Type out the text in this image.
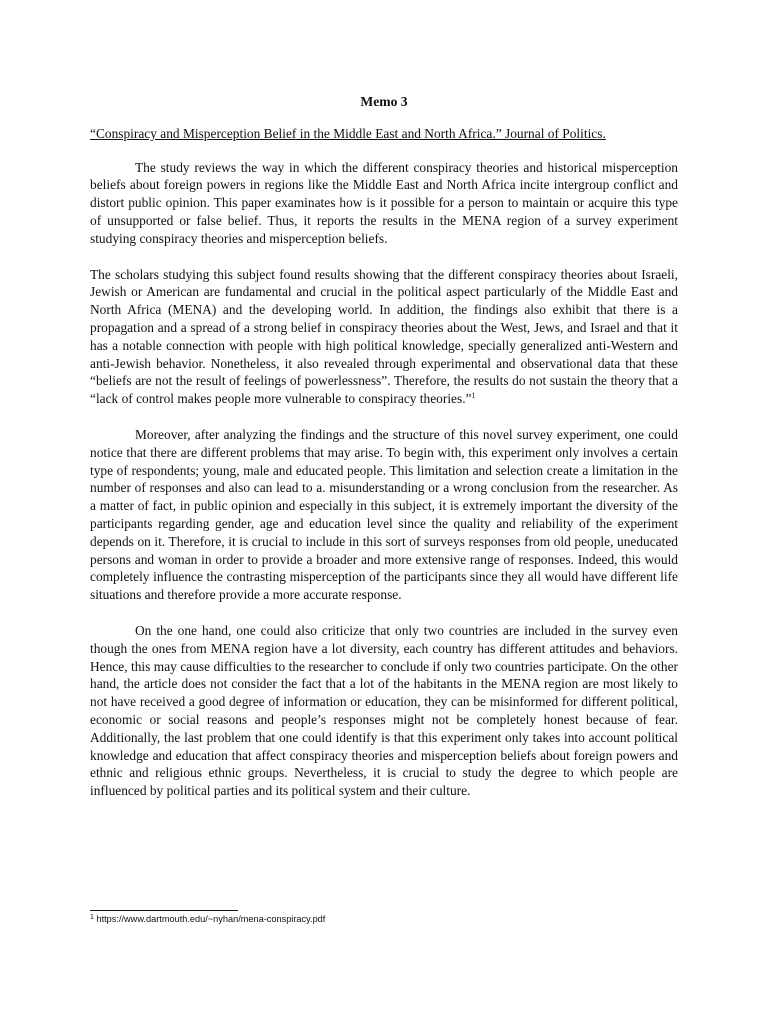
Memo 3
“Conspiracy and Misperception Belief in the Middle East and North Africa.” Journal of Politics.

The study reviews the way in which the different conspiracy theories and historical misperception beliefs about foreign powers in regions like the Middle East and North Africa incite intergroup conflict and distort public opinion. This paper examinates how is it possible for a person to maintain or acquire this type of unsupported or false belief. Thus, it reports the results in the MENA region of a survey experiment studying conspiracy theories and misperception beliefs.

The scholars studying this subject found results showing that the different conspiracy theories about Israeli, Jewish or American are fundamental and crucial in the political aspect particularly of the Middle East and North Africa (MENA) and the developing world. In addition, the findings also exhibit that there is a propagation and a spread of a strong belief in conspiracy theories about the West, Jews, and Israel and that it has a notable connection with people with high political knowledge, specially generalized anti-Western and anti-Jewish behavior. Nonetheless, it also revealed through experimental and observational data that these “beliefs are not the result of feelings of powerlessness”. Therefore, the results do not sustain the theory that a “lack of control makes people more vulnerable to conspiracy theories.”$^1$

Moreover, after analyzing the findings and the structure of this novel survey experiment, one could notice that there are different problems that may arise. To begin with, this experiment only involves a certain type of respondents; young, male and educated people. This limitation and selection create a limitation in the number of responses and also can lead to a. misunderstanding or a wrong conclusion from the researcher. As a matter of fact, in public opinion and especially in this subject, it is extremely important the diversity of the participants regarding gender, age and education level since the quality and reliability of the experiment depends on it. Therefore, it is crucial to include in this sort of surveys responses from old people, uneducated persons and woman in order to provide a broader and more extensive range of responses. Indeed, this would completely influence the contrasting misperception of the participants since they all would have different life situations and therefore provide a more accurate response.

On the one hand, one could also criticize that only two countries are included in the survey even though the ones from MENA region have a lot diversity, each country has different attitudes and behaviors. Hence, this may cause difficulties to the researcher to conclude if only two countries participate. On the other hand, the article does not consider the fact that a lot of the habitants in the MENA region are most likely to not have received a good degree of information or education, they can be misinformed for different political, economic or social reasons and people’s responses might not be completely honest because of fear. Additionally, the last problem that one could identify is that this experiment only takes into account political knowledge and education that affect conspiracy theories and misperception beliefs about foreign powers and ethnic and religious ethnic groups. Nevertheless, it is crucial to study the degree to which people are influenced by political parties and its political system and their culture.

$^1$ https://www.dartmouth.edu/~nyhan/mena-conspiracy.pdf
